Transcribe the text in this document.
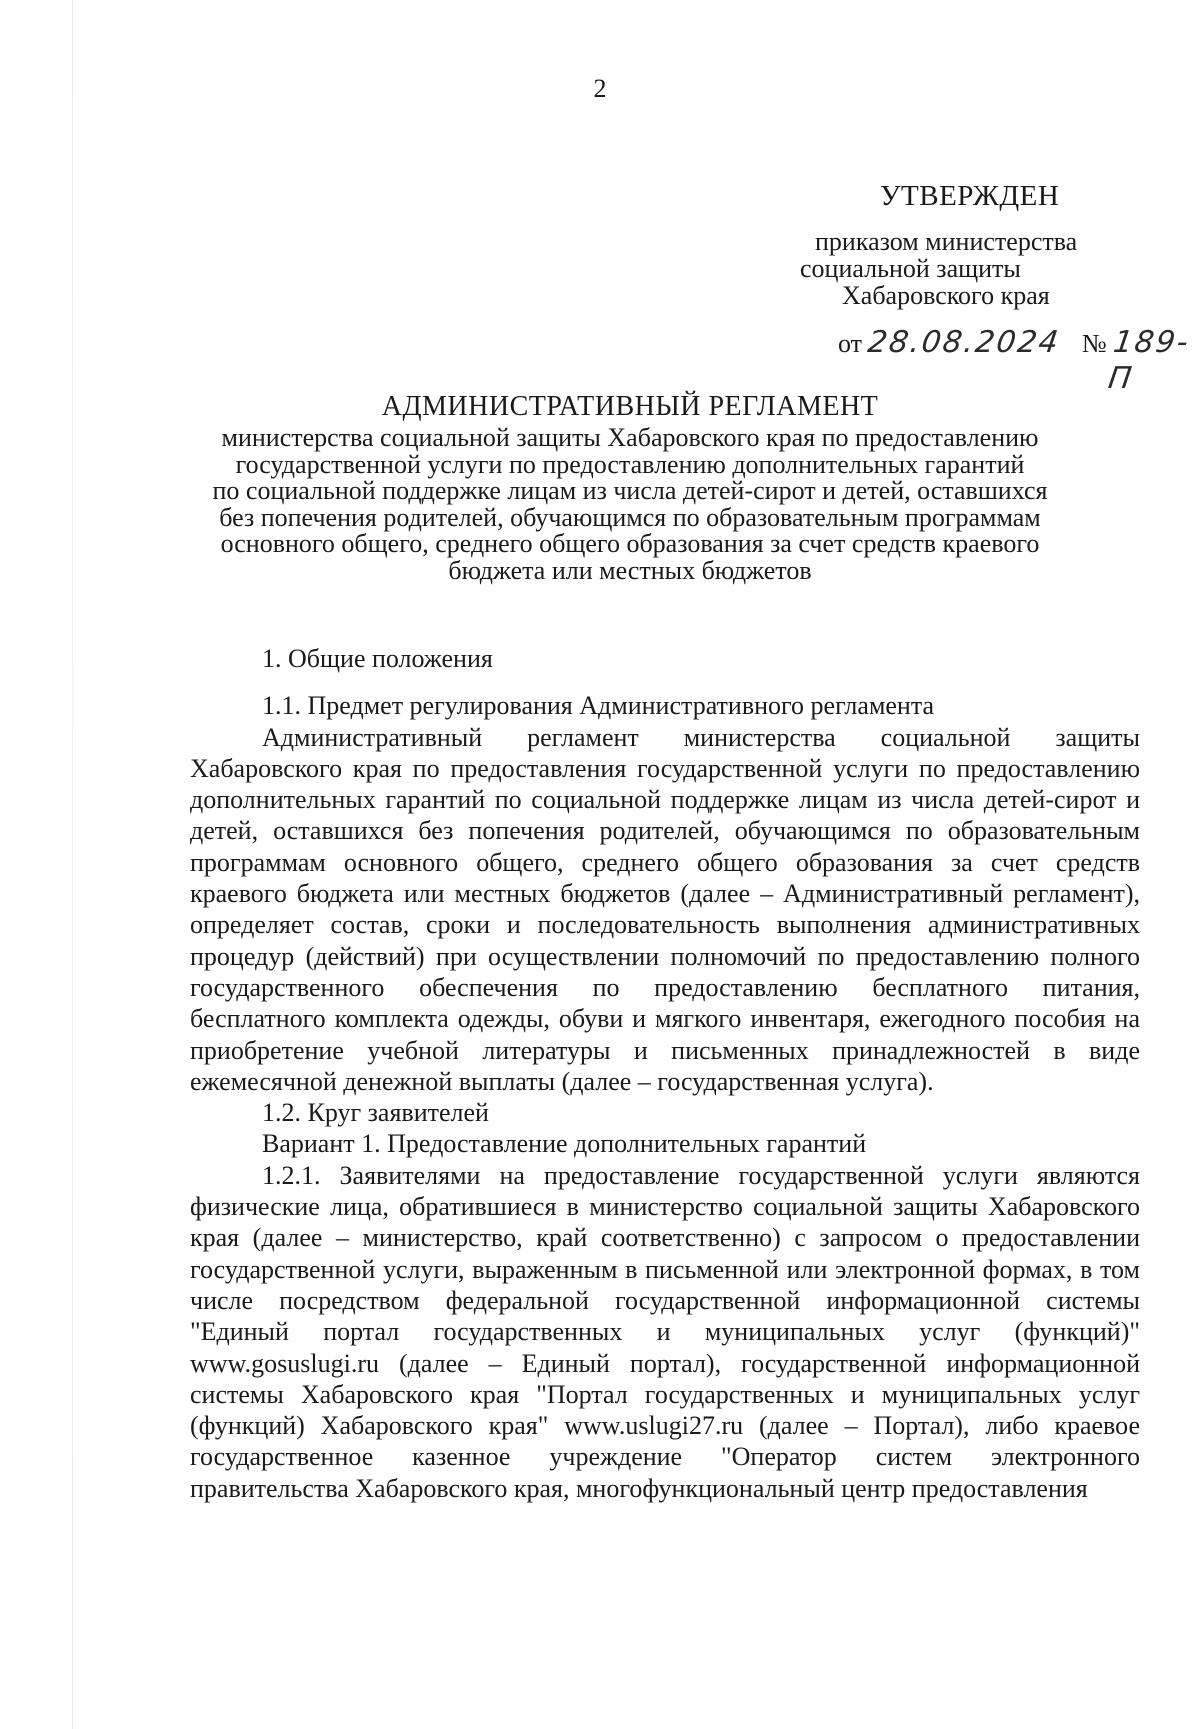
2
УТВЕРЖДЕН
приказом министерства
социальной защиты
Хабаровского края
от 28.08.2024 № 189-П
АДМИНИСТРАТИВНЫЙ РЕГЛАМЕНТ
министерства социальной защиты Хабаровского края по предоставлению
государственной услуги по предоставлению дополнительных гарантий
по социальной поддержке лицам из числа детей-сирот и детей, оставшихся
без попечения родителей, обучающимся по образовательным программам
основного общего, среднего общего образования за счет средств краевого
бюджета или местных бюджетов

1. Общие положения

1.1. Предмет регулирования Административного регламента

Административный регламент министерства социальной защиты Хабаровского края по предоставления государственной услуги по предоставлению дополнительных гарантий по социальной поддержке лицам из числа детей-сирот и детей, оставшихся без попечения родителей, обучающимся по образовательным программам основного общего, среднего общего образования за счет средств краевого бюджета или местных бюджетов (далее – Административный регламент), определяет состав, сроки и последовательность выполнения административных процедур (действий) при осуществлении полномочий по предоставлению полного государственного обеспечения по предоставлению бесплатного питания, бесплатного комплекта одежды, обуви и мягкого инвентаря, ежегодного пособия на приобретение учебной литературы и письменных принадлежностей в виде ежемесячной денежной выплаты (далее – государственная услуга).

1.2. Круг заявителей

Вариант 1. Предоставление дополнительных гарантий

1.2.1. Заявителями на предоставление государственной услуги являются физические лица, обратившиеся в министерство социальной защиты Хабаровского края (далее – министерство, край соответственно) с запросом о предоставлении государственной услуги, выраженным в письменной или электронной формах, в том числе посредством федеральной государственной информационной системы "Единый портал государственных и муниципальных услуг (функций)" www.gosuslugi.ru (далее – Единый портал), государственной информационной системы Хабаровского края "Портал государственных и муниципальных услуг (функций) Хабаровского края" www.uslugi27.ru (далее – Портал), либо краевое государственное казенное учреждение "Оператор систем электронного правительства Хабаровского края, многофункциональный центр предоставления
